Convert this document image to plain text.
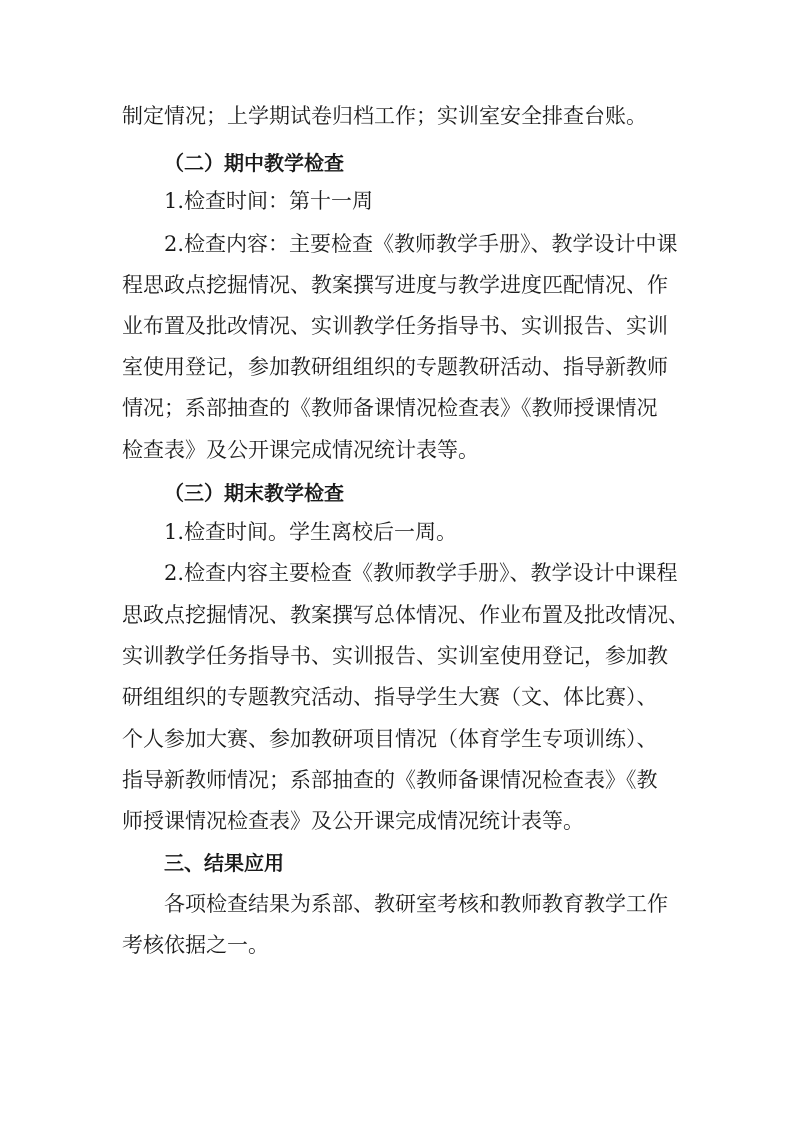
制定情况；上学期试卷归档工作；实训室安全排查台账。

（二）期中教学检查

1.检查时间：第十一周

2.检查内容：主要检查《教师教学手册》、教学设计中课

程思政点挖掘情况、教案撰写进度与教学进度匹配情况、作

业布置及批改情况、实训教学任务指导书、实训报告、实训

室使用登记，参加教研组组织的专题教研活动、指导新教师

情况；系部抽查的《教师备课情况检查表》《教师授课情况

检查表》及公开课完成情况统计表等。

（三）期末教学检查

1.检查时间。学生离校后一周。

2.检查内容主要检查《教师教学手册》、教学设计中课程

思政点挖掘情况、教案撰写总体情况、作业布置及批改情况、

实训教学任务指导书、实训报告、实训室使用登记，参加教

研组组织的专题教究活动、指导学生大赛（文、体比赛）、

个人参加大赛、参加教研项目情况（体育学生专项训练）、

指导新教师情况；系部抽查的《教师备课情况检查表》《教

师授课情况检查表》及公开课完成情况统计表等。

三、结果应用

各项检查结果为系部、教研室考核和教师教育教学工作

考核依据之一。
